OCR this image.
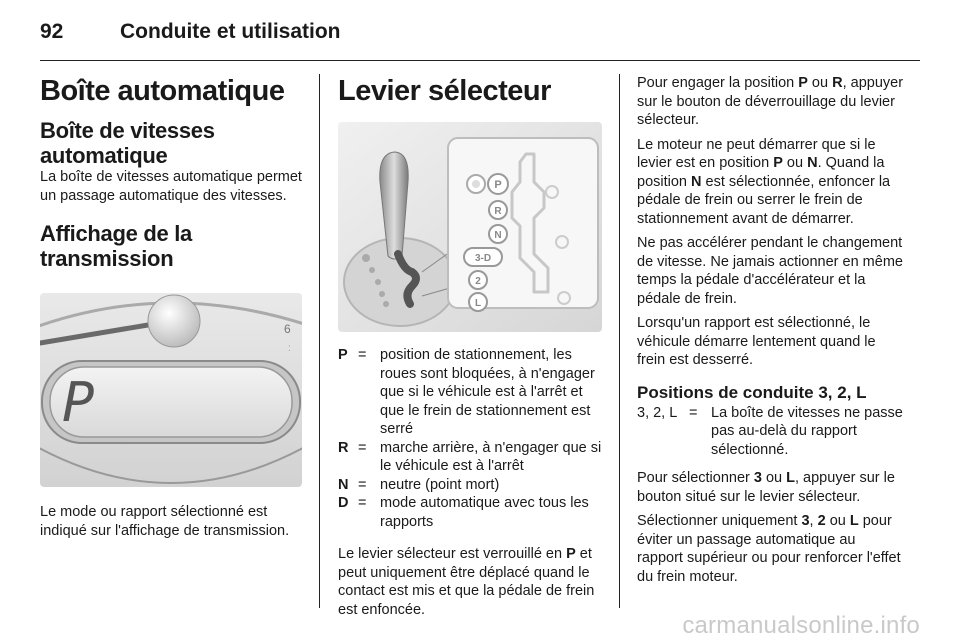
92	Conduite et utilisation
Boîte automatique
Boîte de vitesses automatique

La boîte de vitesses automatique permet un passage automatique des vitesses.

Affichage de la transmission
6
:
P

Le mode ou rapport sélectionné est indiqué sur l'affichage de transmission.

Levier sélecteur
P
R
N
3-D
2
L
P = position de stationnement, les roues sont bloquées, à n'engager que si le véhicule est à l'arrêt et que le frein de stationnement est serré
R = marche arrière, à n'engager que si le véhicule est à l'arrêt
N = neutre (point mort)
D = mode automatique avec tous les rapports

Le levier sélecteur est verrouillé en P et peut uniquement être déplacé quand le contact est mis et que la pédale de frein est enfoncée.

Pour engager la position P ou R, appuyer sur le bouton de déverrouillage du levier sélecteur.

Le moteur ne peut démarrer que si le levier est en position P ou N. Quand la position N est sélectionnée, enfoncer la pédale de frein ou serrer le frein de stationnement avant de démarrer.

Ne pas accélérer pendant le changement de vitesse. Ne jamais actionner en même temps la pédale d'accélérateur et la pédale de frein.

Lorsqu'un rapport est sélectionné, le véhicule démarre lentement quand le frein est desserré.

Positions de conduite 3, 2, L
3, 2, L = La boîte de vitesses ne passe pas au-delà du rapport sélectionné.

Pour sélectionner 3 ou L, appuyer sur le bouton situé sur le levier sélecteur.

Sélectionner uniquement 3, 2 ou L pour éviter un passage automatique au rapport supérieur ou pour renforcer l'effet du frein moteur.

carmanualsonline.info
